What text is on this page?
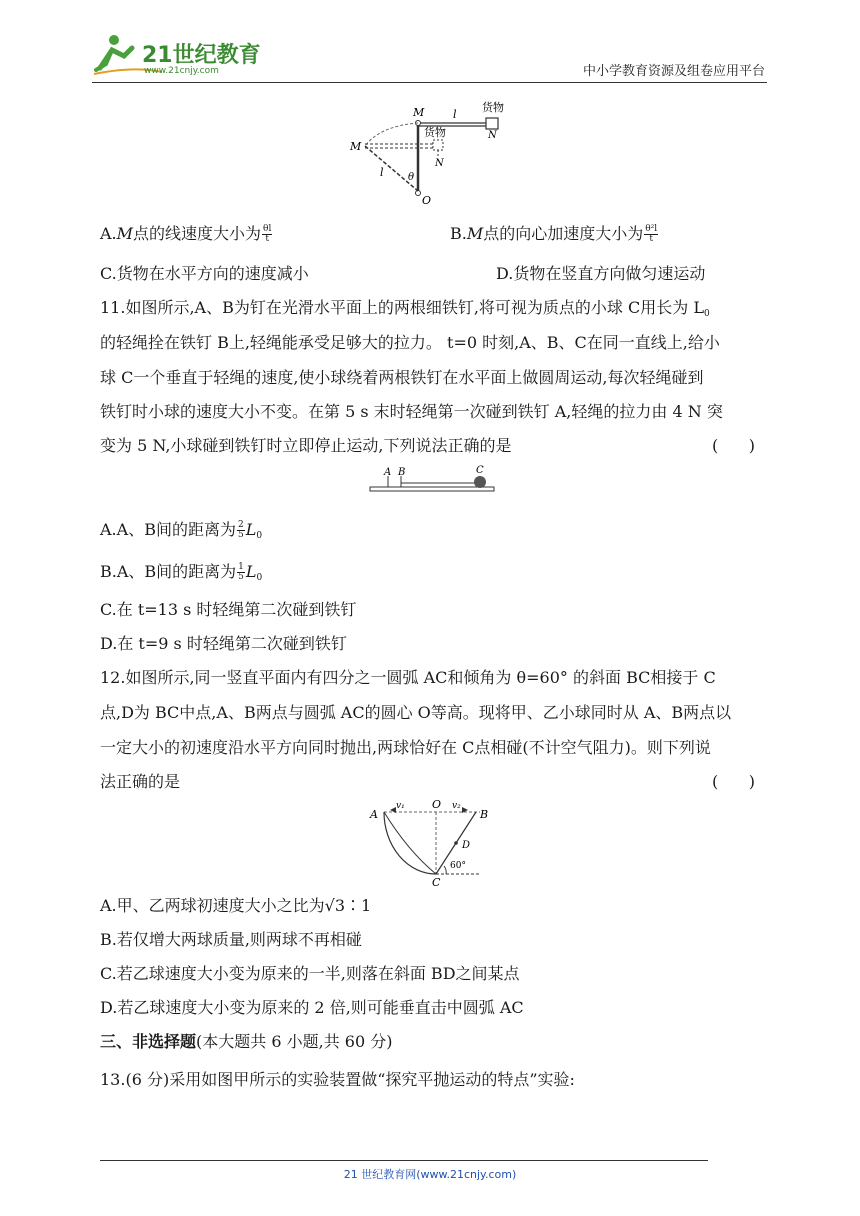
21世纪教育
www.21cnjy.com	中小学教育资源及组卷应用平台
M	l
货物
N
M
货物
N
l θ
O
A.M点的线速度大小为 $\frac{\theta l}{t}$	B.M点的向心加速度大小为 $\frac{\text{θ²l}}{t}$
C.货物在水平方向的速度减小	D.货物在竖直方向做匀速运动
11.如图所示,A、B为钉在光滑水平面上的两根细铁钉,将可视为质点的小球 C用长为 $L_0$
的轻绳拴在铁钉 B上,轻绳能承受足够大的拉力。 t=0 时刻,A、B、C在同一直线上,给小
球 C一个垂直于轻绳的速度,使小球绕着两根铁钉在水平面上做圆周运动,每次轻绳碰到
铁钉时小球的速度大小不变。在第 5 s 末时轻绳第一次碰到铁钉 A,轻绳的拉力由 4 N 突
变为 5 N,小球碰到铁钉时立即停止运动,下列说法正确的是	(      )
A B	C
A.A、B间的距离为 $\frac{2}{5} L_0$
B.A、B间的距离为 $\frac{1}{5} L_0$
C.在 t=13 s 时轻绳第二次碰到铁钉
D.在 t=9 s 时轻绳第二次碰到铁钉
12.如图所示,同一竖直平面内有四分之一圆弧 AC和倾角为 θ=60° 的斜面 BC相接于 C
点,D为 BC中点,A、B两点与圆弧 AC的圆心 O等高。现将甲、乙小球同时从 A、B两点以
一定大小的初速度沿水平方向同时抛出,两球恰好在 C点相碰(不计空气阻力)。则下列说
法正确的是	(      )
A
v₁ O v₂
B
D
60°
C
A.甲、乙两球初速度大小之比为√3∶1
B.若仅增大两球质量,则两球不再相碰
C.若乙球速度大小变为原来的一半,则落在斜面 BD之间某点
D.若乙球速度大小变为原来的 2 倍,则可能垂直击中圆弧 AC
三、非选择题(本大题共 6 小题,共 60 分)
13.(6 分)采用如图甲所示的实验装置做“探究平抛运动的特点”实验:
21 世纪教育网(www.21cnjy.com)
